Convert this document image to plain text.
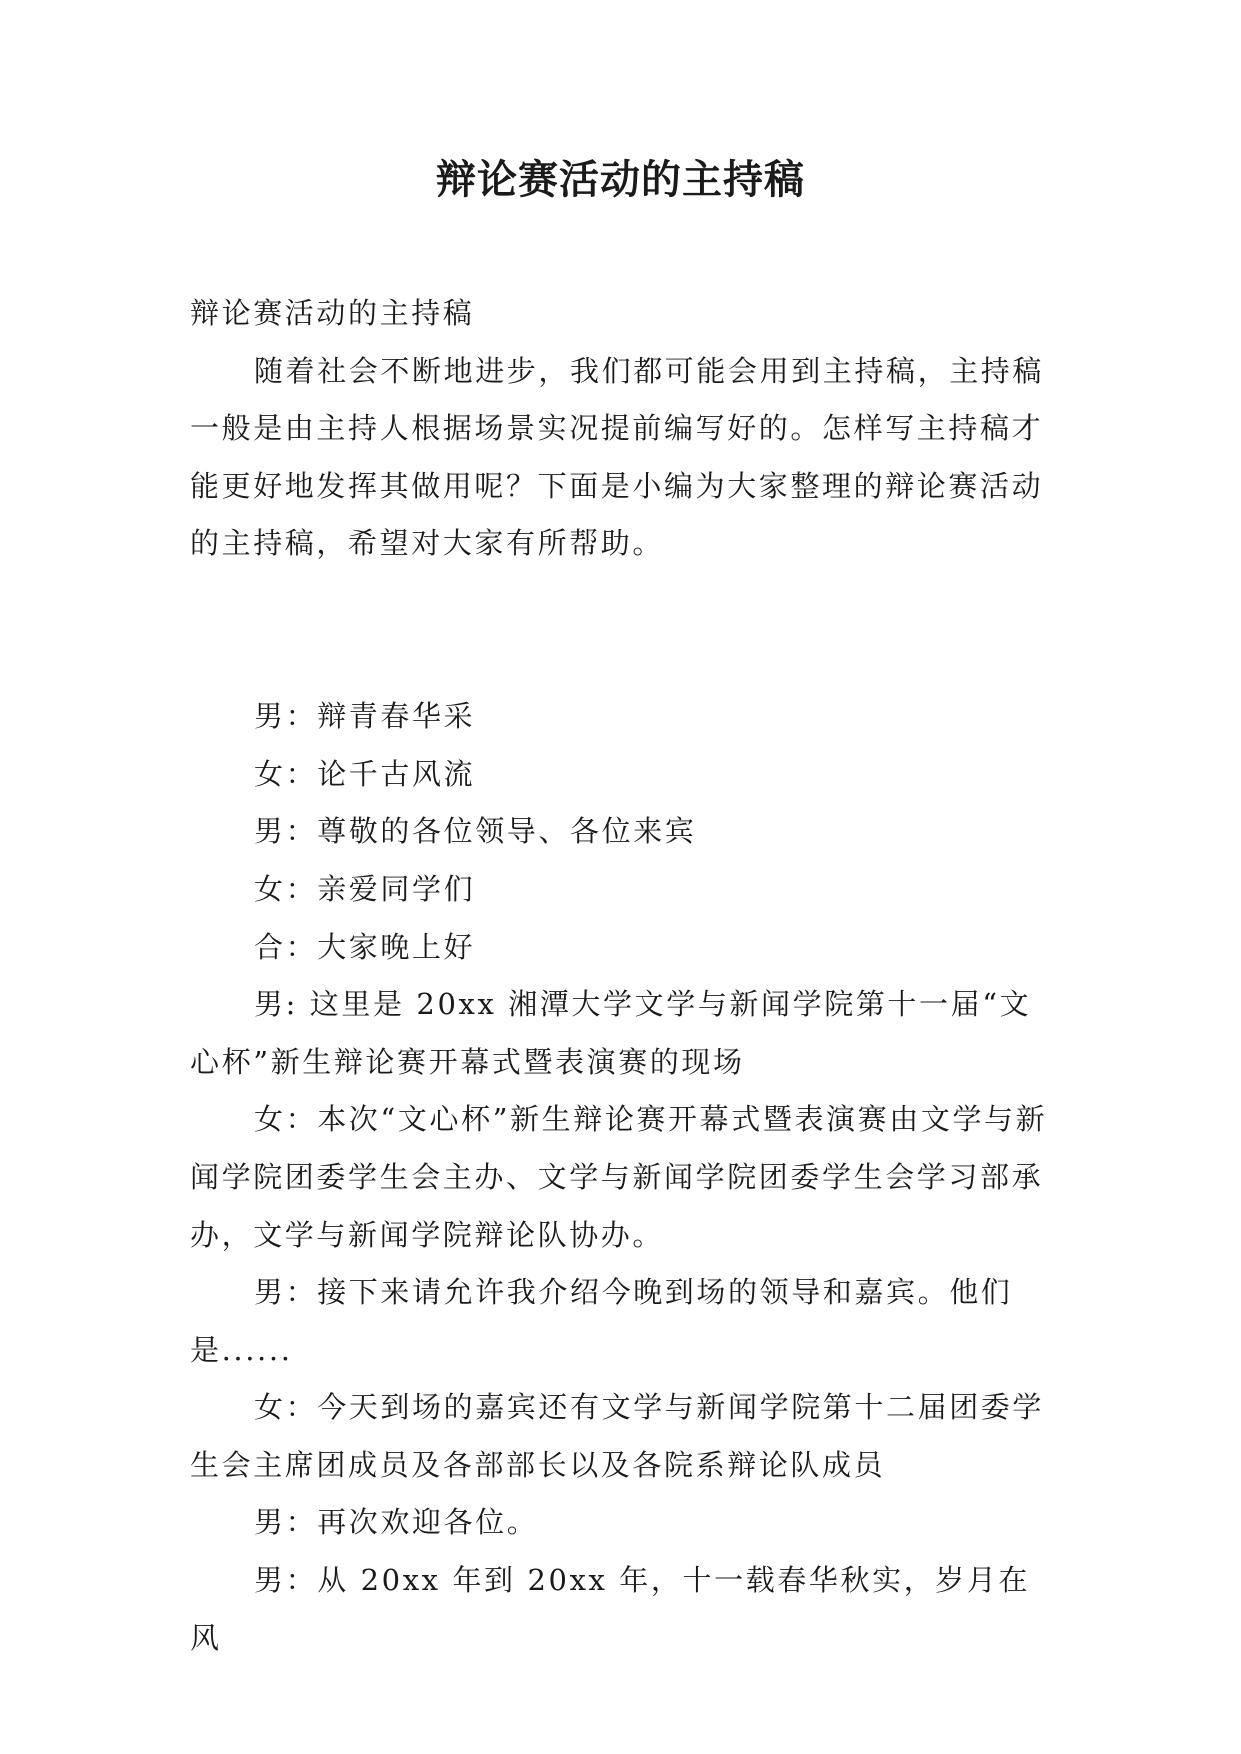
辩论赛活动的主持稿

辩论赛活动的主持稿

随着社会不断地进步，我们都可能会用到主持稿，主持稿一般是由主持人根据场景实况提前编写好的。怎样写主持稿才能更好地发挥其做用呢？下面是小编为大家整理的辩论赛活动的主持稿，希望对大家有所帮助。

男：辩青春华采

女：论千古风流

男：尊敬的各位领导、各位来宾

女：亲爱同学们

合：大家晚上好

男: 这里是 20xx 湘潭大学文学与新闻学院第十一届“文心杯”新生辩论赛开幕式暨表演赛的现场

女：本次“文心杯”新生辩论赛开幕式暨表演赛由文学与新闻学院团委学生会主办、文学与新闻学院团委学生会学习部承办，文学与新闻学院辩论队协办。

男：接下来请允许我介绍今晚到场的领导和嘉宾。他们是......

女：今天到场的嘉宾还有文学与新闻学院第十二届团委学生会主席团成员及各部部长以及各院系辩论队成员

男：再次欢迎各位。

男：从 20xx 年到 20xx 年，十一载春华秋实，岁月在风
